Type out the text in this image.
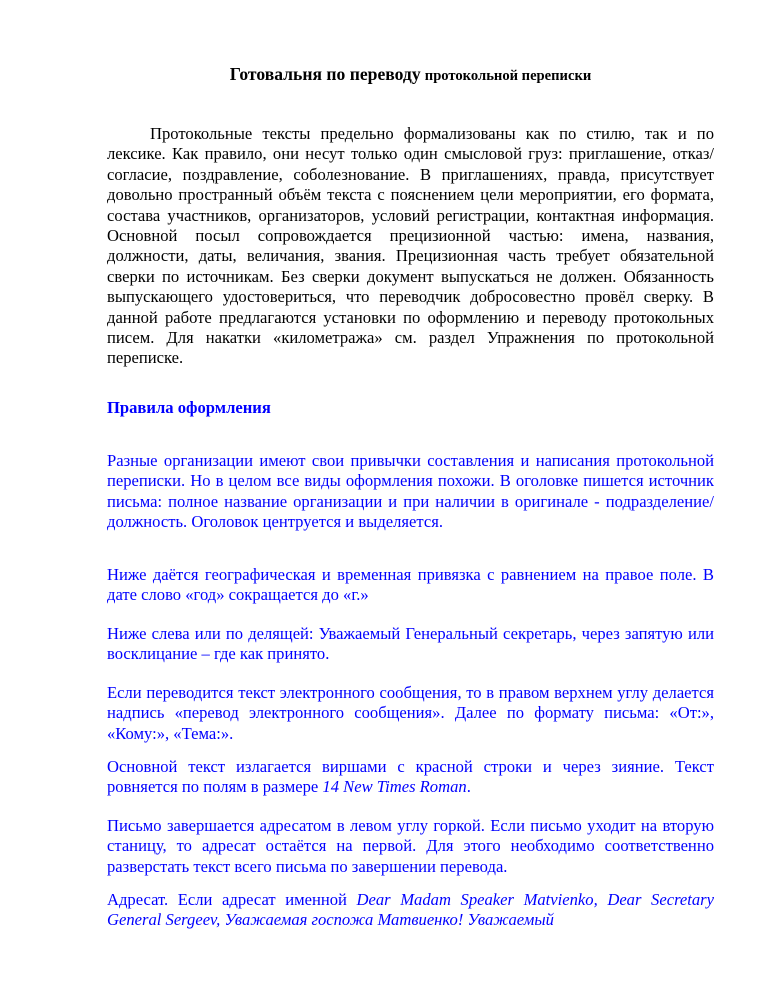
Готовальня по переводу протокольной переписки

Протокольные тексты предельно формализованы как по стилю, так и по лексике. Как правило, они несут только один смысловой груз: приглашение, отказ/согласие, поздравление, соболезнование. В приглашениях, правда, присутствует довольно пространный объём текста с пояснением цели мероприятии, его формата, состава участников, организаторов, условий регистрации, контактная информация. Основной посыл сопровождается прецизионной частью: имена, названия, должности, даты, величания, звания. Прецизионная часть требует обязательной сверки по источникам. Без сверки документ выпускаться не должен. Обязанность выпускающего удостовериться, что переводчик добросовестно провёл сверку. В данной работе предлагаются установки по оформлению и переводу протокольных писем. Для накатки «километража» см. раздел Упражнения по протокольной переписке.

Правила оформления

Разные организации имеют свои привычки составления и написания протокольной переписки. Но в целом все виды оформления похожи. В оголовке пишется источник письма: полное название организации и при наличии в оригинале - подразделение/должность. Оголовок центруется и выделяется.

Ниже даётся географическая и временная привязка с равнением на правое поле. В дате слово «год» сокращается до «г.»

Ниже слева или по делящей: Уважаемый Генеральный секретарь, через запятую или восклицание – где как принято.

Если переводится текст электронного сообщения, то в правом верхнем углу делается надпись «перевод электронного сообщения». Далее по формату письма: «От:», «Кому:», «Тема:».

Основной текст излагается виршами с красной строки и через зияние. Текст ровняется по полям в размере 14 New Times Roman.

Письмо завершается адресатом в левом углу горкой. Если письмо уходит на вторую станицу, то адресат остаётся на первой. Для этого необходимо соответственно разверстать текст всего письма по завершении перевода.

Адресат. Если адресат именной Dear Madam Speaker Matvienko, Dear Secretary General Sergeev, Уважаемая госпожа Матвиенко! Уважаемый
